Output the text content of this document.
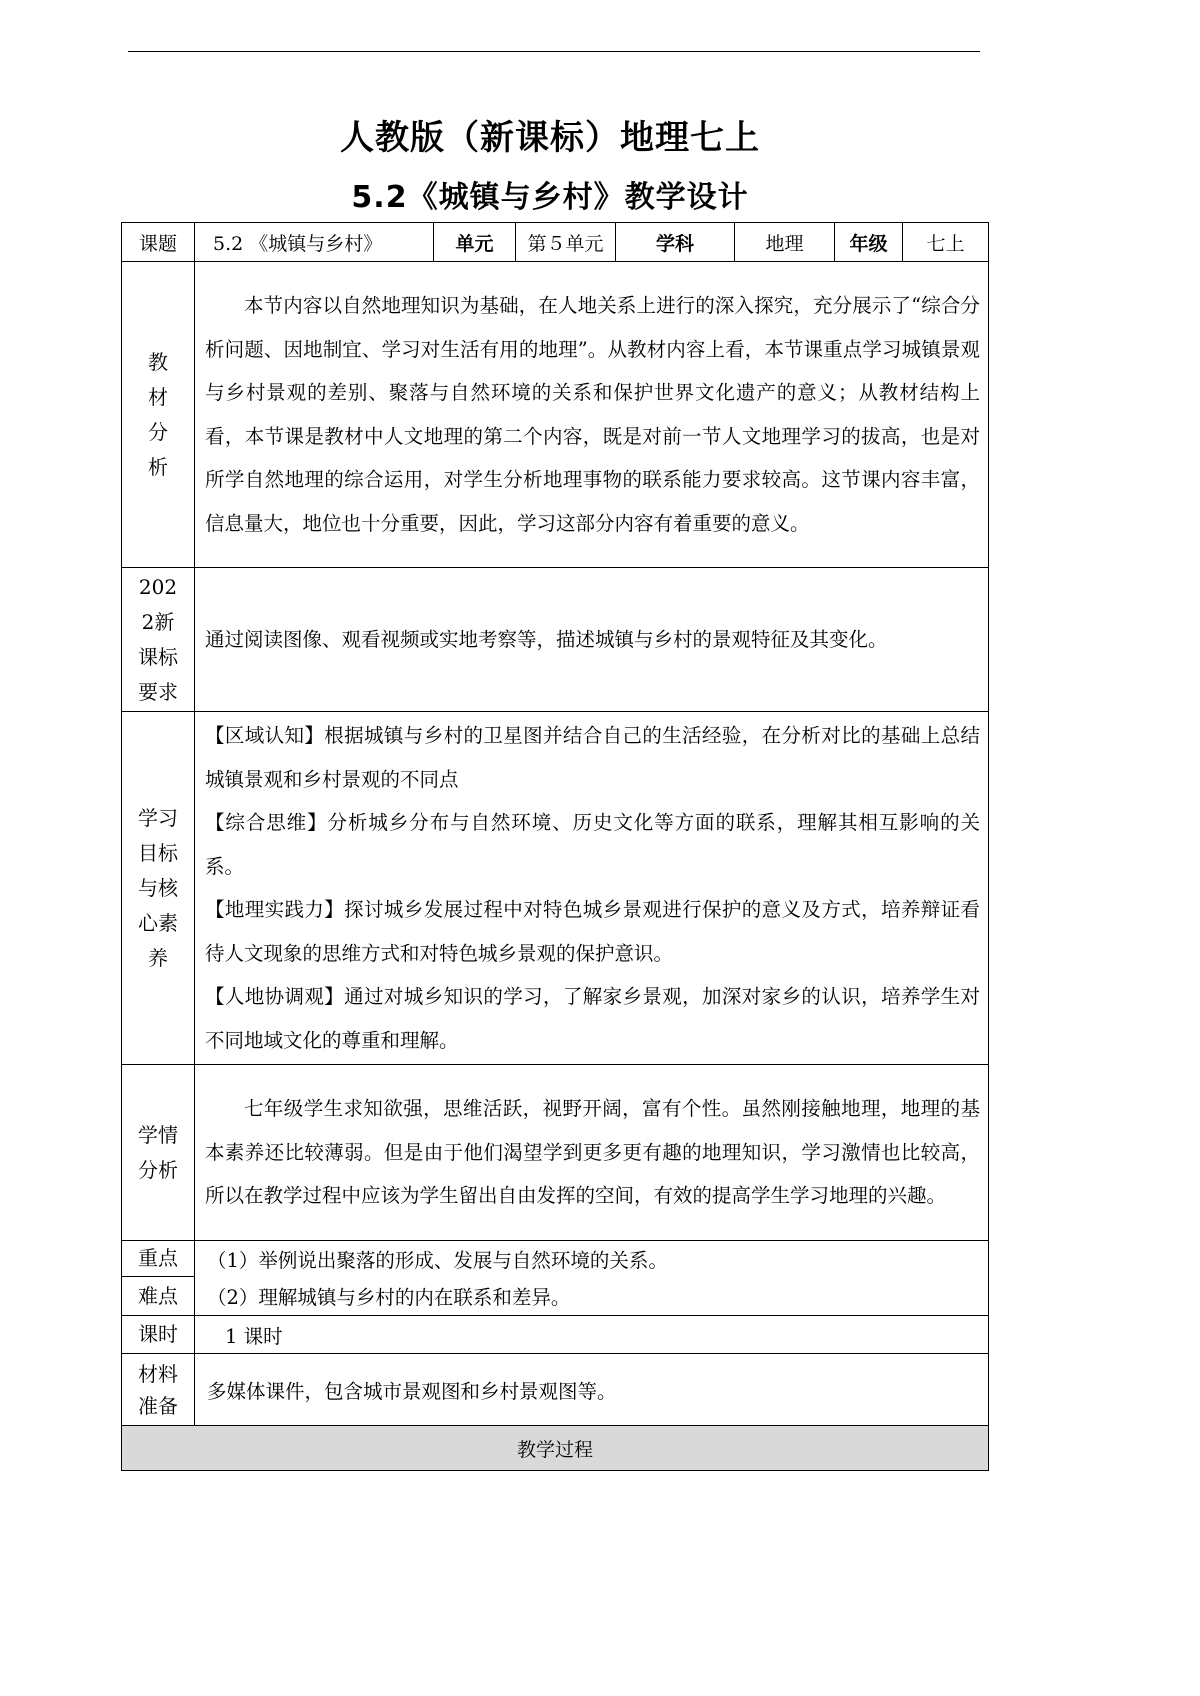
人教版（新课标）地理七上
5.2《城镇与乡村》教学设计
课题	5.2 《城镇与乡村》	单元	第５单元	学科	地理	年级	七上

教材分析	本节内容以自然地理知识为基础，在人地关系上进行的深入探究，充分展示了“综合分析问题、因地制宜、学习对生活有用的地理”。从教材内容上看，本节课重点学习城镇景观与乡村景观的差别、聚落与自然环境的关系和保护世界文化遗产的意义；从教材结构上看，本节课是教材中人文地理的第二个内容，既是对前一节人文地理学习的拔高，也是对所学自然地理的综合运用，对学生分析地理事物的联系能力要求较高。这节课内容丰富，信息量大，地位也十分重要，因此，学习这部分内容有着重要的意义。						

2022新课标要求	通过阅读图像、观看视频或实地考察等，描述城镇与乡村的景观特征及其变化。						

学习目标与核心素养	【区域认知】根据城镇与乡村的卫星图并结合自己的生活经验，在分析对比的基础上总结城镇景观和乡村景观的不同点

【综合思维】分析城乡分布与自然环境、历史文化等方面的联系，理解其相互影响的关系。

【地理实践力】探讨城乡发展过程中对特色城乡景观进行保护的意义及方式，培养辩证看待人文现象的思维方式和对特色城乡景观的保护意识。

【人地协调观】通过对城乡知识的学习，了解家乡景观，加深对家乡的认识，培养学生对不同地域文化的尊重和理解。						

学情分析	七年级学生求知欲强，思维活跃，视野开阔，富有个性。虽然刚接触地理，地理的基本素养还比较薄弱。但是由于他们渴望学到更多更有趣的地理知识，学习激情也比较高，所以在教学过程中应该为学生留出自由发挥的空间，有效的提高学生学习地理的兴趣。						
重点	（1）举例说出聚落的形成、发展与自然环境的关系。						
难点	（2）理解城镇与乡村的内在联系和差异。						
课时	1 课时						

材料准备	多媒体课件，包含城市景观图和乡村景观图等。						
教学过程							
